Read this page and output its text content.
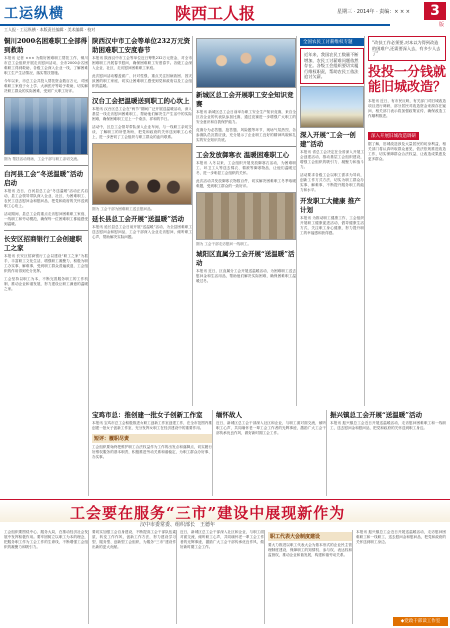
工运纵横	陕西工人报	星期三 · 2014年 · 责编：× × ×	3
版
工人报 · 工运纵横 · 本版责任编辑 · 美术编辑 · 校对
铜川2000名困难职工全部得到救助

本报讯 记者 ××× 为做好困难职工帮扶工作，铜川市总工会组织开展走访慰问活动，全市2000余名困难职工得到救助，各级工会深入企业一线，了解困难职工生产生活情况，落实帮扶措施。

今年以来，市总工会共投入帮扶资金数百万元，对困难职工家庭子女上学、大病医疗等给予救助，切实解决职工群众的实际困难，受到广大职工好评。

图为 帮扶活动现场，工会干部与职工亲切交流。
白河县工会“冬送温暖”活动启动

本报讯 近日，白河县总工会“冬送温暖”活动正式启动，县工会领导带队深入企业、社区，为困难职工、农民工送去慰问金和慰问品，把党和政府的关怀送到职工心坎上。

活动期间，县总工会将重点走访慰问困难职工家庭、一线职工和劳动模范，确保每一位困难职工都能感受到温暖。

长安区招商银行工会创建职工之家

本报讯 长安区招商银行工会以建设“职工之家”为抓手，丰富职工文化生活，增强职工凝聚力，积极为职工办实事、解难事，受到职工群众普遍欢迎，工会组织的作用得到充分发挥。

工会坚持以职工为本，不断完善服务职工的工作机制，推动企业和谐发展，努力建设让职工满意的温暖之家。

陕西汉中市工会等单位232万元资助困难职工安度春节

本报讯 陕西汉中市工会等单位近日筹集232万元资金，对全市困难职工开展春节慰问，确保困难职工安度春节。各级工会深入企业、社区，走访慰问困难职工家庭。

此次慰问活动覆盖面广、针对性强，重点关注因病致困、因灾致困的职工家庭，切实让困难职工感受到党和政府以及工会组织的温暖。

汉台工会把温暖送到职工的心坎上

本报讯 汉台区总工会在“两节”期间广泛开展送温暖活动，深入基层一线走访慰问困难职工，帮助他们解决生产生活中的实际困难，确保困难职工过上一个欢乐、祥和的节日。

活动中，区总工会领导带队深入企业车间，与一线职工亲切交谈，了解职工的所思所盼，把党和政府的关怀送到职工心坎上，进一步密切了工会组织与职工群众的血肉联系。

图为 工会干部为困难职工送去慰问品。
延长县总工会开展“送温暖”活动

本报讯 延长县总工会日前开展“送温暖”活动，为全县困难职工送去慰问金和慰问品，工会干部深入企业走访慰问，倾听职工心声，帮助解决实际问题。

新城区总工会开展职工安全知识竞赛

本报讯 新城区总工会日前举办职工安全生产知识竞赛，来自全区各企业的代表队参加比赛，通过竞赛进一步增强广大职工的安全意识和自我保护能力。

竞赛分为必答题、抢答题、风险题等环节，现场气氛热烈，各参赛队员沉着应战，充分展示了企业职工良好的精神风貌和扎实的安全知识功底。

工会发放御寒衣 温暖困难职工心

本报讯 入冬以来，工会组织开展发放御寒衣活动，为困难职工、环卫工人等送去棉衣、棉被等御寒物品，让他们温暖过冬，进一步彰显工会组织的关怀。

此次活动共发放御寒衣物数百件，切实解决困难职工冬季取暖难题，受到职工群众的一致好评。

图为 工会干部走访慰问一线职工。
城阳区直属分工会开展“送温暖”活动

本报讯 近日，区直属分工会开展送温暖活动，为困难职工送去慰问金和生活用品，帮助他们解决实际困难，确保困难职工温暖过冬。

全国农民工讨薪维权专题
近年来，我国农民工数量不断增加，农民工讨薪难问题依然存在。各级工会组织要切实履行维权职责，帮助农民工依法追讨欠薪。
深入开展“工会一创建”活动

本报讯 省总工会决定在全省深入开展工会创建活动，推动基层工会组织建设，增强工会组织的吸引力、凝聚力和战斗力。

活动要求各级工会以职工需求为导向，创新工作方式方法，切实为职工群众办实事、解难事，不断提升服务职工的能力和水平。

开发职工大健康 推产计划

本报讯 为推动职工健康工作，工会组织开展职工健康促进活动，倡导健康生活方式，关注职工身心健康，努力提升职工的幸福感和获得感。

“改扶工作必须要,对本以为得到改造的困难户,还需要深入去，有多少人去了”
投投一分钱就能旧城改造？

本报讯 近日，有市民反映，有关部门对旧城改造项目进行调研，部分居民对改造资金来源存在疑问，相关部门表示将加强政策宣传，确保改造工作顺利推进。

深入开展旧城改造调研

据了解，旧城改造涉及大量居民的切身利益，相关部门将认真听取群众意见，依法依规推进改造工作，切实保障群众合法权益，让改造成果惠及更多群众。

宝鸡市总：推创建一批女子创新工作室

本报讯 宝鸡市总工会积极推进女职工创新工作室创建工作，在全市范围内推创建一批女子创新工作室，充分发挥女职工在经济建设中的重要作用。

短评：履职尽责

工会组织要始终把维护职工合法权益作为工作的出发点和落脚点，切实履行好维权服务的基本职责，积极推进劳动关系和谐稳定，为职工群众办好事、办实事。

缅怀故人

近日，新城区总工会干部深入社区和企业，与职工面对面交流，倾听职工心声，共同缅怀老一辈工会工作者的光辉事迹，激励广大工会干部传承优良作风，做好新时期工会工作。

振兴镇总工会开展“送温暖”活动

本报讯 振兴镇总工会近日开展送温暖活动，走访慰问困难职工和一线职工，送去慰问金和慰问品，把党和政府的关怀送到职工身边。

工会要在服务“三市”建设中展现新作为
汉中市委常委、组织部长　王德年

工会组织要围绕中心、服务大局，在推动经济社会发展中发挥积极作用。要牢固树立以职工为本的理念，把服务职工作为工会工作的生命线，不断增强工会组织的凝聚力和吸引力。

要切实加强工会自身建设，不断提高工会干部队伍素质，转变工作作风，创新工作方法，努力建设学习型、服务型、创新型工会组织，为服务“三市”建设作出新的更大贡献。

近日，新城区总工会干部深入社区和企业，与职工面对面交流，倾听职工心声，共同缅怀老一辈工会工作者的光辉事迹，激励广大工会干部传承优良作风，做好新时期工会工作。

职工代表大会制度建设

要大力推进以职工代表大会为基本形式的企业民主管理制度建设，保障职工的知情权、参与权、表达权和监督权，推动企业和谐发展，构建和谐劳动关系。

本报讯 振兴镇总工会近日开展送温暖活动，走访慰问困难职工和一线职工，送去慰问金和慰问品，把党和政府的关怀送到职工身边。

◆党政干部读工作室
